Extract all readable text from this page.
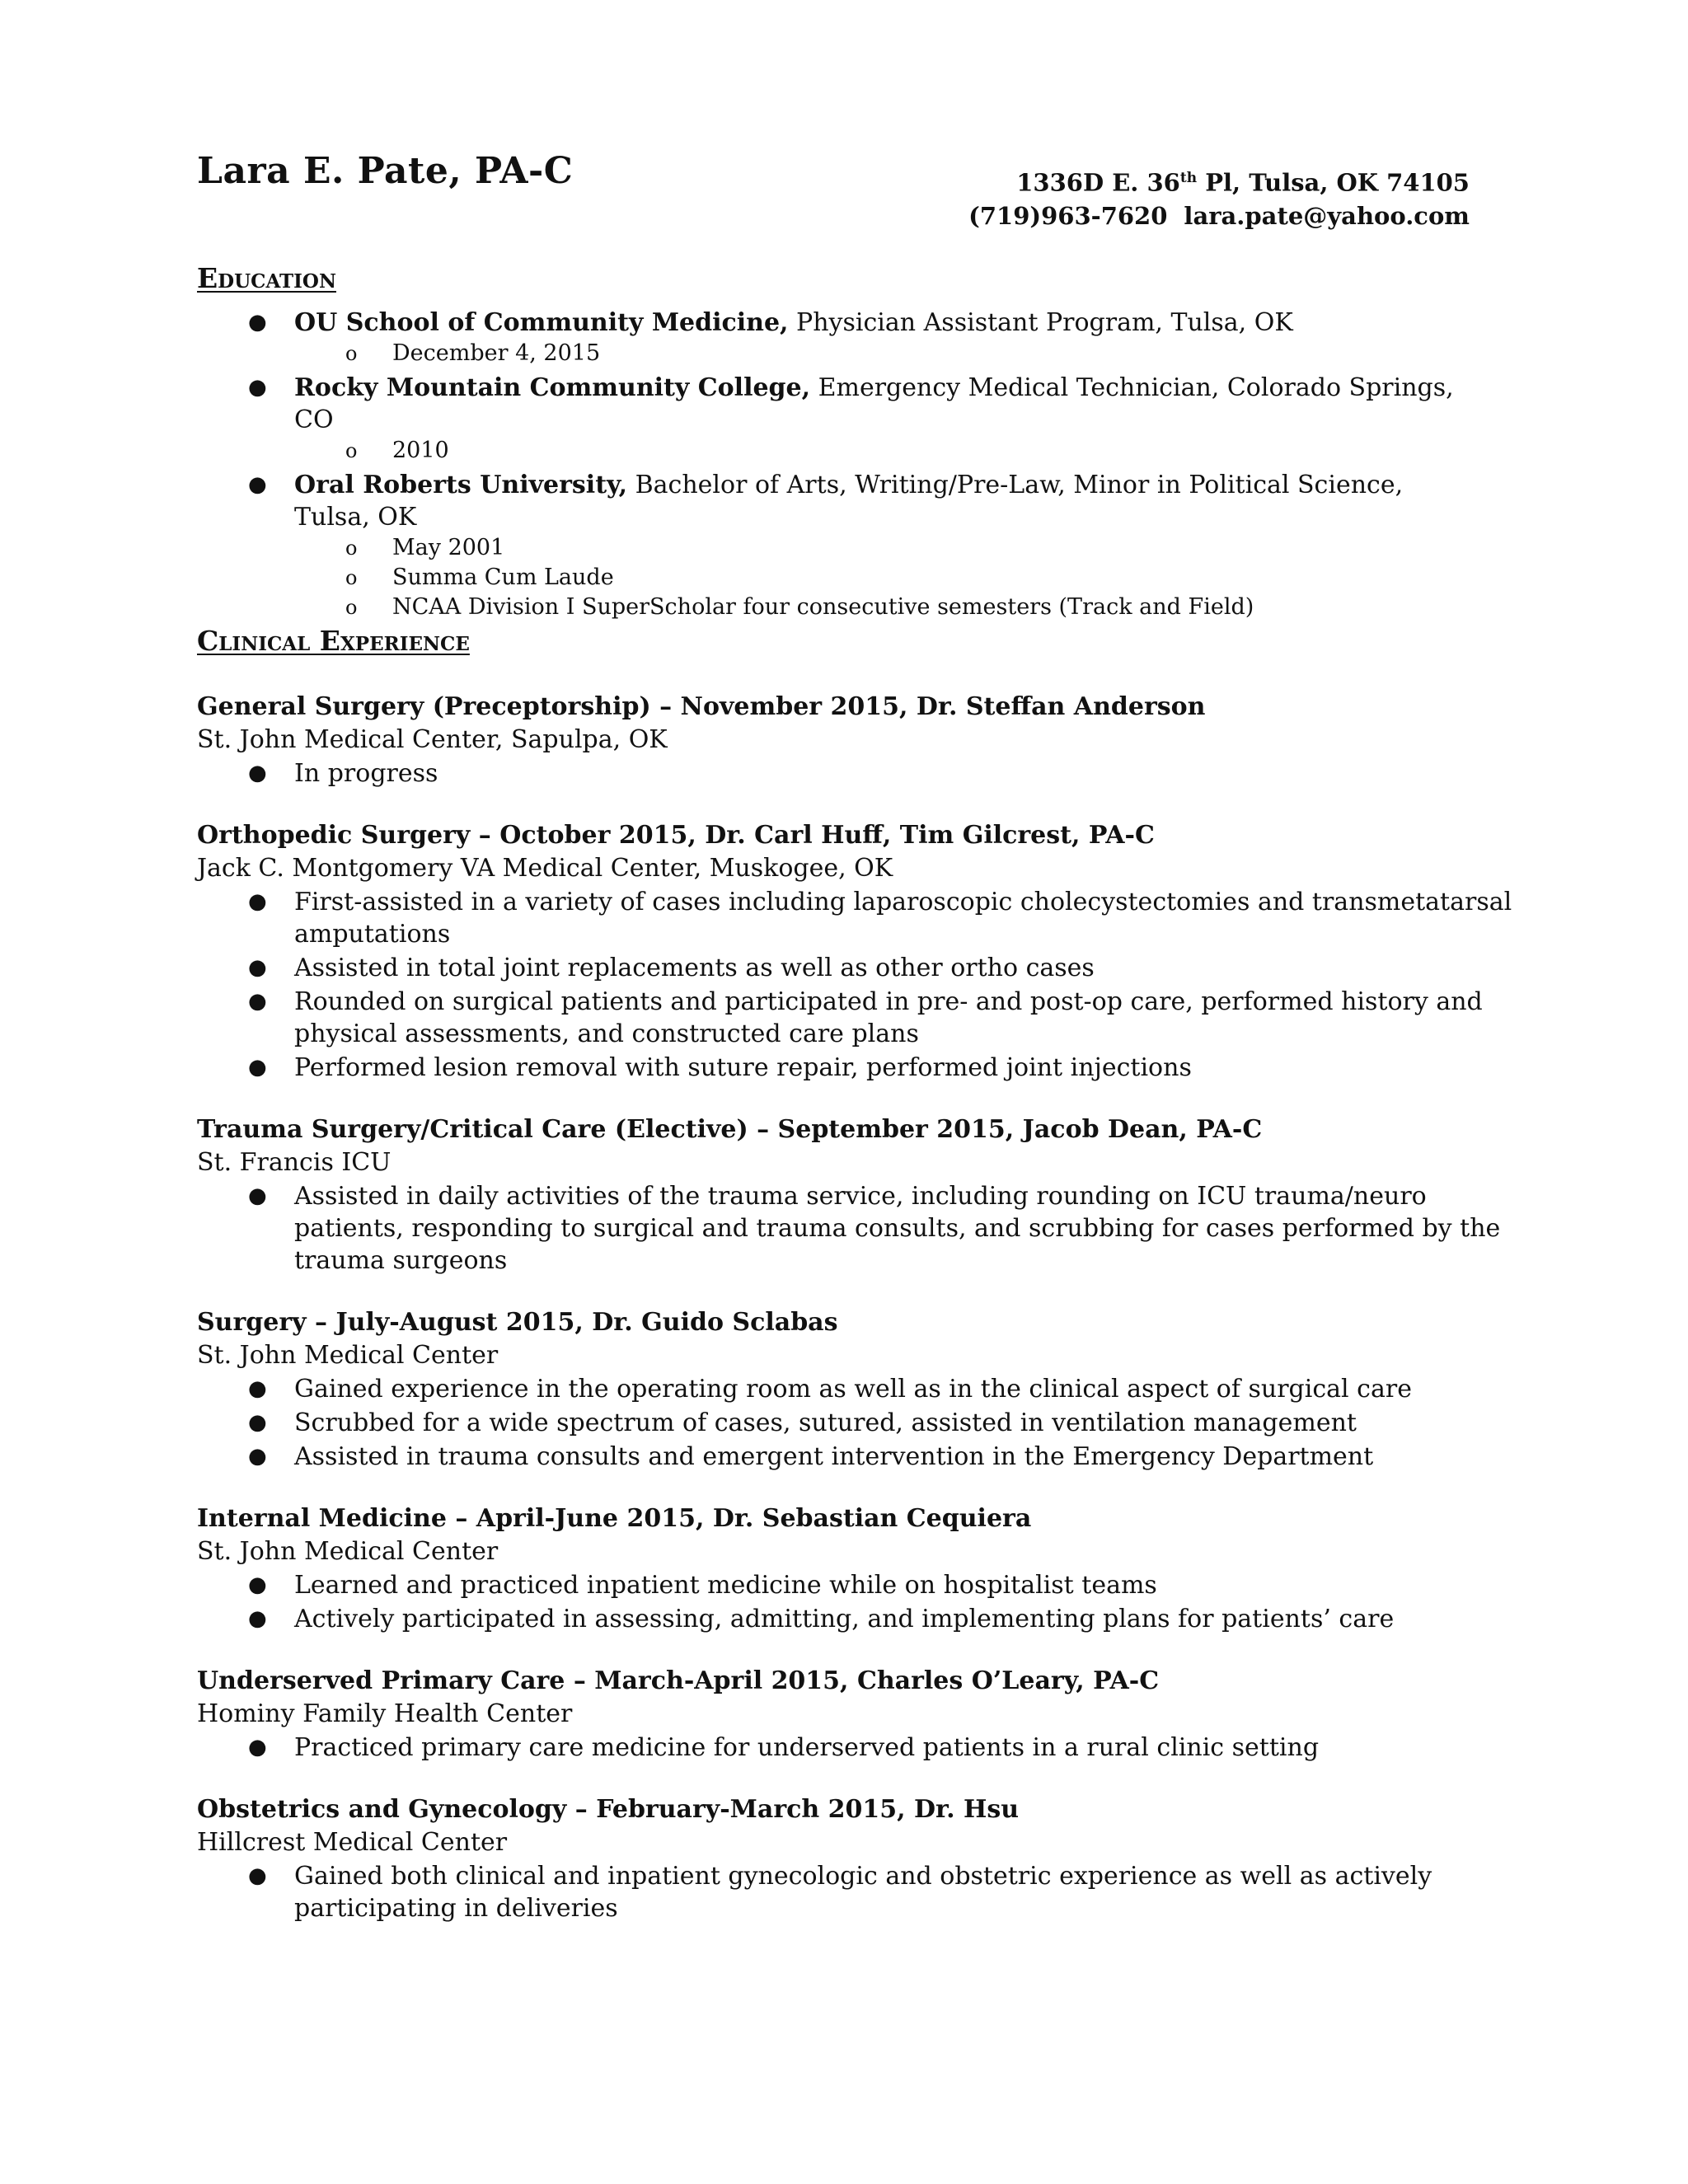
Lara E. Pate, PA-C	1336D E. 36th Pl, Tulsa, OK 74105
(719)963-7620 lara.pate@yahoo.com
Education
● OU School of Community Medicine, Physician Assistant Program, Tulsa, OK
o December 4, 2015
● Rocky Mountain Community College, Emergency Medical Technician, Colorado Springs, CO
o 2010
● Oral Roberts University, Bachelor of Arts, Writing/Pre-Law, Minor in Political Science, Tulsa, OK
o May 2001
o Summa Cum Laude
o NCAA Division I SuperScholar four consecutive semesters (Track and Field)
Clinical Experience
General Surgery (Preceptorship) – November 2015, Dr. Steffan Anderson
St. John Medical Center, Sapulpa, OK
● In progress
Orthopedic Surgery – October 2015, Dr. Carl Huff, Tim Gilcrest, PA-C
Jack C. Montgomery VA Medical Center, Muskogee, OK
● First-assisted in a variety of cases including laparoscopic cholecystectomies and transmetatarsal amputations
● Assisted in total joint replacements as well as other ortho cases
● Rounded on surgical patients and participated in pre- and post-op care, performed history and physical assessments, and constructed care plans
● Performed lesion removal with suture repair, performed joint injections
Trauma Surgery/Critical Care (Elective) – September 2015, Jacob Dean, PA-C
St. Francis ICU
● Assisted in daily activities of the trauma service, including rounding on ICU trauma/neuro patients, responding to surgical and trauma consults, and scrubbing for cases performed by the trauma surgeons
Surgery – July-August 2015, Dr. Guido Sclabas
St. John Medical Center
● Gained experience in the operating room as well as in the clinical aspect of surgical care
● Scrubbed for a wide spectrum of cases, sutured, assisted in ventilation management
● Assisted in trauma consults and emergent intervention in the Emergency Department
Internal Medicine – April-June 2015, Dr. Sebastian Cequiera
St. John Medical Center
● Learned and practiced inpatient medicine while on hospitalist teams
● Actively participated in assessing, admitting, and implementing plans for patients’ care
Underserved Primary Care – March-April 2015, Charles O’Leary, PA-C
Hominy Family Health Center
● Practiced primary care medicine for underserved patients in a rural clinic setting
Obstetrics and Gynecology – February-March 2015, Dr. Hsu
Hillcrest Medical Center
● Gained both clinical and inpatient gynecologic and obstetric experience as well as actively participating in deliveries
